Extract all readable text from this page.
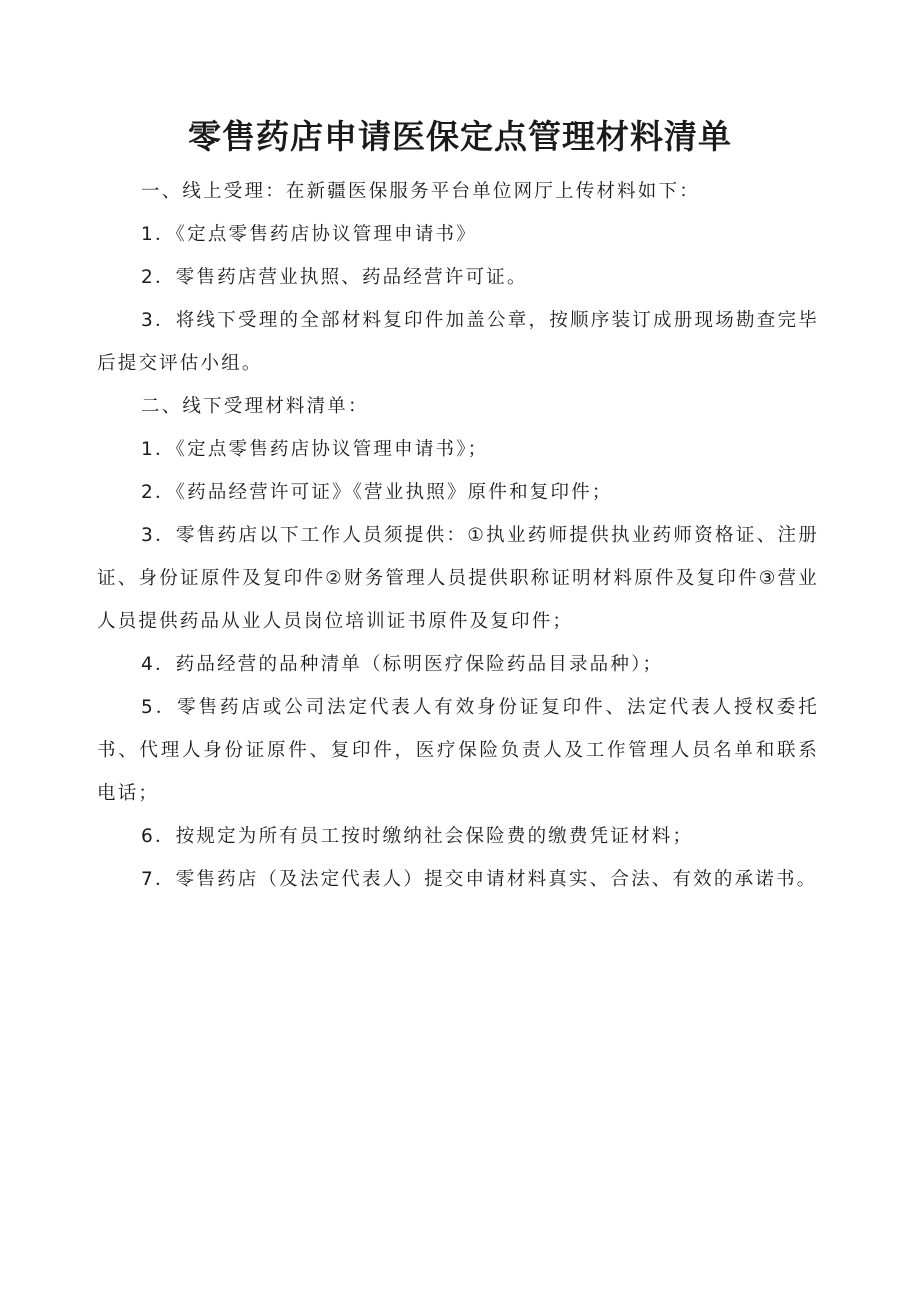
零售药店申请医保定点管理材料清单

一、线上受理：在新疆医保服务平台单位网厅上传材料如下：

1．《定点零售药店协议管理申请书》

2．零售药店营业执照、药品经营许可证。

3．将线下受理的全部材料复印件加盖公章，按顺序装订成册现场勘查完毕后提交评估小组。

二、线下受理材料清单：

1．《定点零售药店协议管理申请书》；

2．《药品经营许可证》《营业执照》原件和复印件；

3．零售药店以下工作人员须提供：①执业药师提供执业药师资格证、注册证、身份证原件及复印件②财务管理人员提供职称证明材料原件及复印件③营业人员提供药品从业人员岗位培训证书原件及复印件；

4．药品经营的品种清单（标明医疗保险药品目录品种）；

5．零售药店或公司法定代表人有效身份证复印件、法定代表人授权委托书、代理人身份证原件、复印件，医疗保险负责人及工作管理人员名单和联系电话；

6．按规定为所有员工按时缴纳社会保险费的缴费凭证材料；

7．零售药店（及法定代表人）提交申请材料真实、合法、有效的承诺书。
